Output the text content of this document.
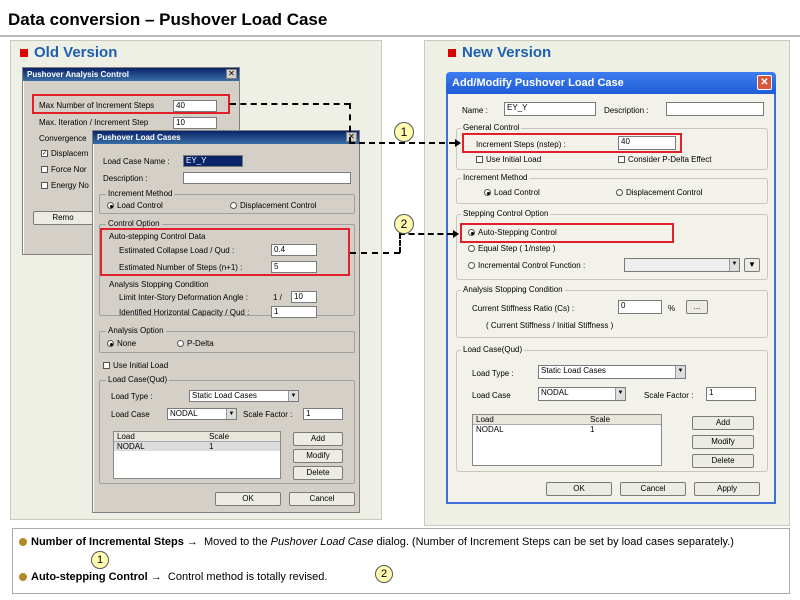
Data conversion – Pushover Load Case
Old Version
Pushover Analysis Control	✕
Max Number of Increment Steps	40
Max. Iteration / Increment Step	10
Convergence
✓ Displacem
Force Nor
Energy No
Remo
Pushover Load Cases	✕
Load Case Name :	EY_Y
Description :
Increment Method
Load Control	Displacement Control
Control Option
Auto-stepping Control Data
Estimated Collapse Load / Qud :	0.4
Estimated Number of Steps (n+1) :	5
Analysis Stopping Condition
Limit Inter-Story Deformation Angle :	1 /	10
Identified Horizontal Capacity / Qud :	1
Analysis Option
None	P-Delta
Use Initial Load
Load Case(Qud)
Load Type :	Static Load Cases	▼
Load Case	NODAL	▼ Scale Factor :	1
Load	Scale
NODAL	1
Add
Modify
Delete
OK	Cancel
New Version
Add/Modify Pushover Load Case	✕
Name :	EY_Y	Description :
General Control
Increment Steps (nstep) :	40
Use Initial Load	Consider P-Delta Effect
Increment Method
Load Control	Displacement Control
Stepping Control Option
Auto-Stepping Control
Equal Step ( 1/nstep )
Incremental Control Function :	▼	▼
Analysis Stopping Condition
Current Stiffness Ratio (Cs) :	0	%	...
( Current Stiffness / Initial Stiffness )
Load Case(Qud)
Load Type :	Static Load Cases	▼
Load Case	NODAL	▼	Scale Factor :	1
Load	Scale
NODAL	1
Add
Modify
Delete
OK	Cancel	Apply
1
2
Number of Incremental Steps → Moved to the Pushover Load Case dialog. (Number of Increment Steps can be set by load cases separately.)
1
Auto-stepping Control → Control method is totally revised.	2
